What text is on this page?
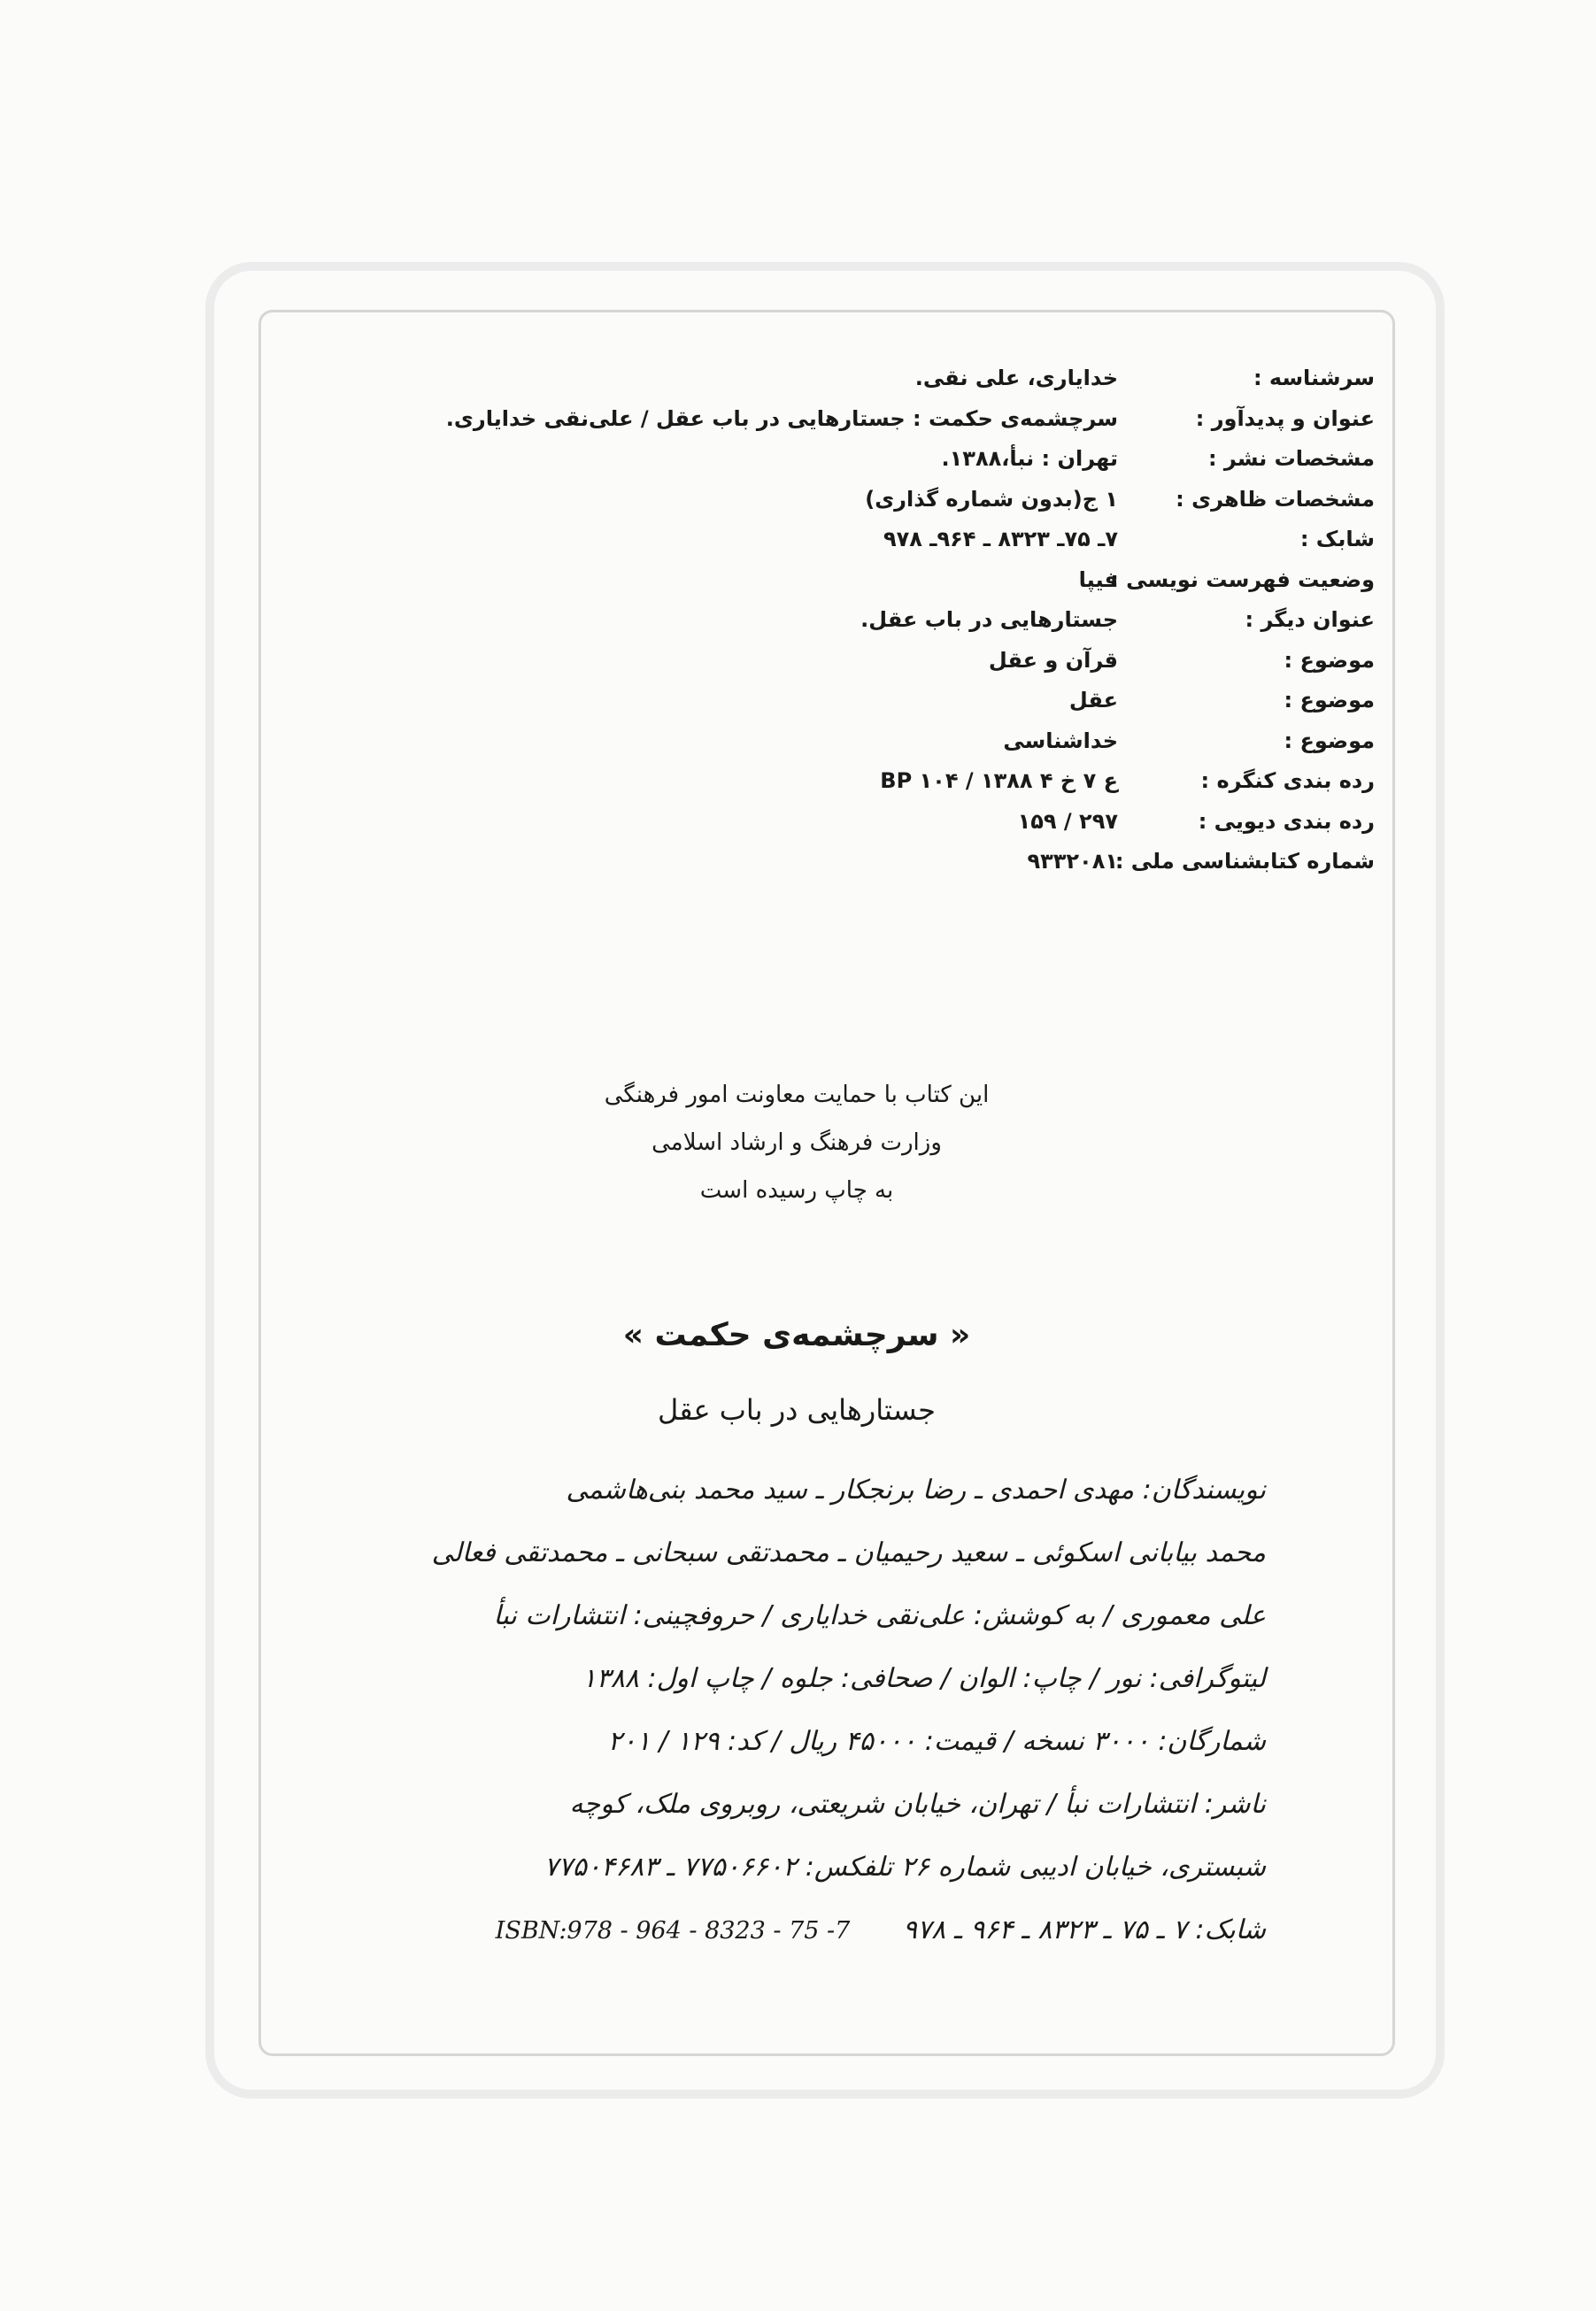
سرشناسه :
خدایاری، علی نقی.
عنوان و پدیدآور :
سرچشمه‌ی حکمت : جستارهایی در باب عقل / علی‌نقی خدایاری.
مشخصات نشر :
تهران : نبأ،۱۳۸۸.
مشخصات ظاهری :
۱ ج(بدون شماره گذاری)
شابک :
۷ـ ۷۵ـ ۸۳۲۳ ـ ۹۶۴ـ ۹۷۸
وضعیت فهرست نویسی :
فیپا
عنوان دیگر :
جستارهایی در باب عقل.
موضوع :
قرآن و عقل
موضوع :
عقل
موضوع :
خداشناسی
رده بندی کنگره :
ع ۷ خ ۴ ۱۳۸۸ / ۱۰۴ BP
رده بندی دیویی :
۲۹۷ / ۱۵۹
شماره کتابشناسی ملی :
۹۳۳۲۰۸۱
این کتاب با حمایت معاونت امور فرهنگی
وزارت فرهنگ و ارشاد اسلامی
به چاپ رسیده است
« سرچشمه‌ی حکمت »
جستارهایی در باب عقل
نویسندگان: مهدی احمدی ـ رضا برنجکار ـ سید محمد بنی‌هاشمی
محمد بیابانی اسکوئی ـ سعید رحیمیان ـ محمدتقی سبحانی ـ محمدتقی فعالی
علی معموری / به کوشش: علی‌نقی خدایاری / حروفچینی: انتشارات نبأ
لیتوگرافی: نور / چاپ: الوان / صحافی: جلوه / چاپ اول: ۱۳۸۸
شمارگان: ۳۰۰۰ نسخه / قیمت: ۴۵۰۰۰ ریال / کد: ۱۲۹ / ۲۰۱
ناشر: انتشارات نبأ / تهران، خیابان شریعتی، روبروی ملک، کوچه
شبستری، خیابان ادیبی شماره ۲۶ تلفکس: ۷۷۵۰۶۶۰۲ ـ ۷۷۵۰۴۶۸۳
شابک: ۷ ـ ۷۵ ـ ۸۳۲۳ ـ ۹۶۴ ـ ۹۷۸ ISBN:978 - 964 - 8323 - 75 -7
